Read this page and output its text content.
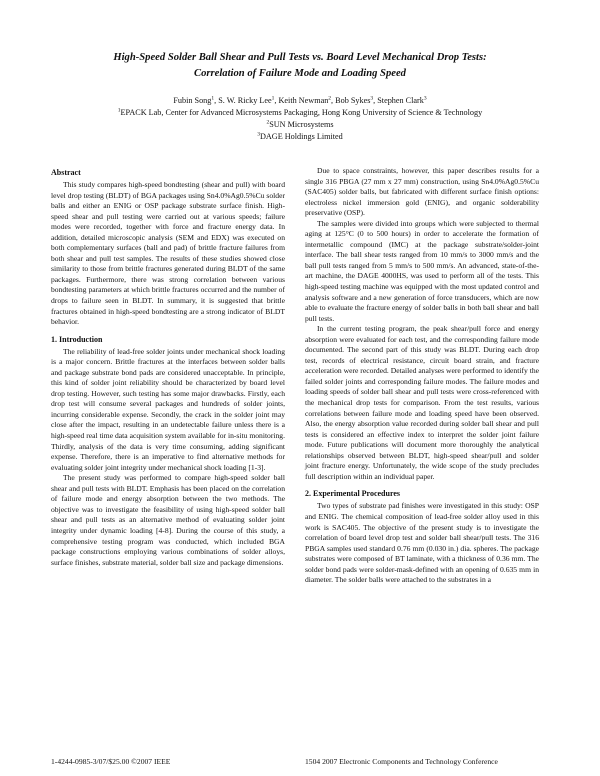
High-Speed Solder Ball Shear and Pull Tests vs. Board Level Mechanical Drop Tests:
Correlation of Failure Mode and Loading Speed
Fubin Song$^1$, S. W. Ricky Lee$^1$, Keith Newman$^2$, Bob Sykes$^3$, Stephen Clark$^3$
$^1$EPACK Lab, Center for Advanced Microsystems Packaging, Hong Kong University of Science & Technology
$^2$SUN Microsystems
$^3$DAGE Holdings Limited
Abstract

This study compares high-speed bondtesting (shear and pull) with board level drop testing (BLDT) of BGA packages using Sn4.0%Ag0.5%Cu solder balls and either an ENIG or OSP package substrate surface finish. High-speed shear and pull testing were carried out at various speeds; failure modes were recorded, together with force and fracture energy data. In addition, detailed microscopic analysis (SEM and EDX) was executed on both complementary surfaces (ball and pad) of brittle fracture failures from both shear and pull test samples. The results of these studies showed close similarity to those from brittle fractures generated during BLDT of the same packages. Furthermore, there was strong correlation between various bondtesting parameters at which brittle fractures occurred and the number of drops to failure seen in BLDT. In summary, it is suggested that brittle fractures obtained in high-speed bondtesting are a strong indicator of BLDT behavior.

1. Introduction

The reliability of lead-free solder joints under mechanical shock loading is a major concern. Brittle fractures at the interfaces between solder balls and package substrate bond pads are considered unacceptable. In principle, this kind of solder joint reliability should be characterized by board level drop testing. However, such testing has some major drawbacks. Firstly, each drop test will consume several packages and hundreds of solder joints, incurring considerable expense. Secondly, the crack in the solder joint may close after the impact, resulting in an undetectable failure unless there is a high-speed real time data acquisition system available for in-situ monitoring. Thirdly, analysis of the data is very time consuming, adding significant expense. Therefore, there is an imperative to find alternative methods for evaluating solder joint integrity under mechanical shock loading [1-3].

The present study was performed to compare high-speed solder ball shear and pull tests with BLDT. Emphasis has been placed on the correlation of failure mode and energy absorption between the two methods. The objective was to investigate the feasibility of using high-speed solder ball shear and pull tests as an alternative method of evaluating solder joint integrity under dynamic loading [4-8]. During the course of this study, a comprehensive testing program was conducted, which included BGA package constructions employing various combinations of solder alloys, surface finishes, substrate material, solder ball size and package dimensions.

Due to space constraints, however, this paper describes results for a single 316 PBGA (27 mm x 27 mm) construction, using Sn4.0%Ag0.5%Cu (SAC405) solder balls, but fabricated with different surface finish options: electroless nickel immersion gold (ENIG), and organic solderability preservative (OSP).

The samples were divided into groups which were subjected to thermal aging at 125°C (0 to 500 hours) in order to accelerate the formation of intermetallic compound (IMC) at the package substrate/solder-joint interface. The ball shear tests ranged from 10 mm/s to 3000 mm/s and the ball pull tests ranged from 5 mm/s to 500 mm/s. An advanced, state-of-the-art machine, the DAGE 4000HS, was used to perform all of the tests. This high-speed testing machine was equipped with the most updated control and analysis software and a new generation of force transducers, which are now able to evaluate the fracture energy of solder balls in both ball shear and ball pull tests.

In the current testing program, the peak shear/pull force and energy absorption were evaluated for each test, and the corresponding failure mode documented. The second part of this study was BLDT. During each drop test, records of electrical resistance, circuit board strain, and fracture acceleration were recorded. Detailed analyses were performed to identify the failed solder joints and corresponding failure modes. The failure modes and loading speeds of solder ball shear and pull tests were cross-referenced with the mechanical drop tests for comparison. From the test results, various correlations between failure mode and loading speed have been observed. Also, the energy absorption value recorded during solder ball shear and pull tests is considered an effective index to interpret the solder joint failure mode. Future publications will document more thoroughly the analytical relationships observed between BLDT, high-speed shear/pull and solder joint fracture energy. Unfortunately, the wide scope of the study precludes full description within an individual paper.

2. Experimental Procedures

Two types of substrate pad finishes were investigated in this study: OSP and ENIG. The chemical composition of lead-free solder alloy used in this work is SAC405. The objective of the present study is to investigate the correlation of board level drop test and solder ball shear/pull tests. The 316 PBGA samples used standard 0.76 mm (0.030 in.) dia. spheres. The package substrates were composed of BT laminate, with a thickness of 0.36 mm. The solder bond pads were solder-mask-defined with an opening of 0.635 mm in diameter. The solder balls were attached to the substrates in a

1-4244-0985-3/07/$25.00 ©2007 IEEE	1504 2007 Electronic Components and Technology Conference
